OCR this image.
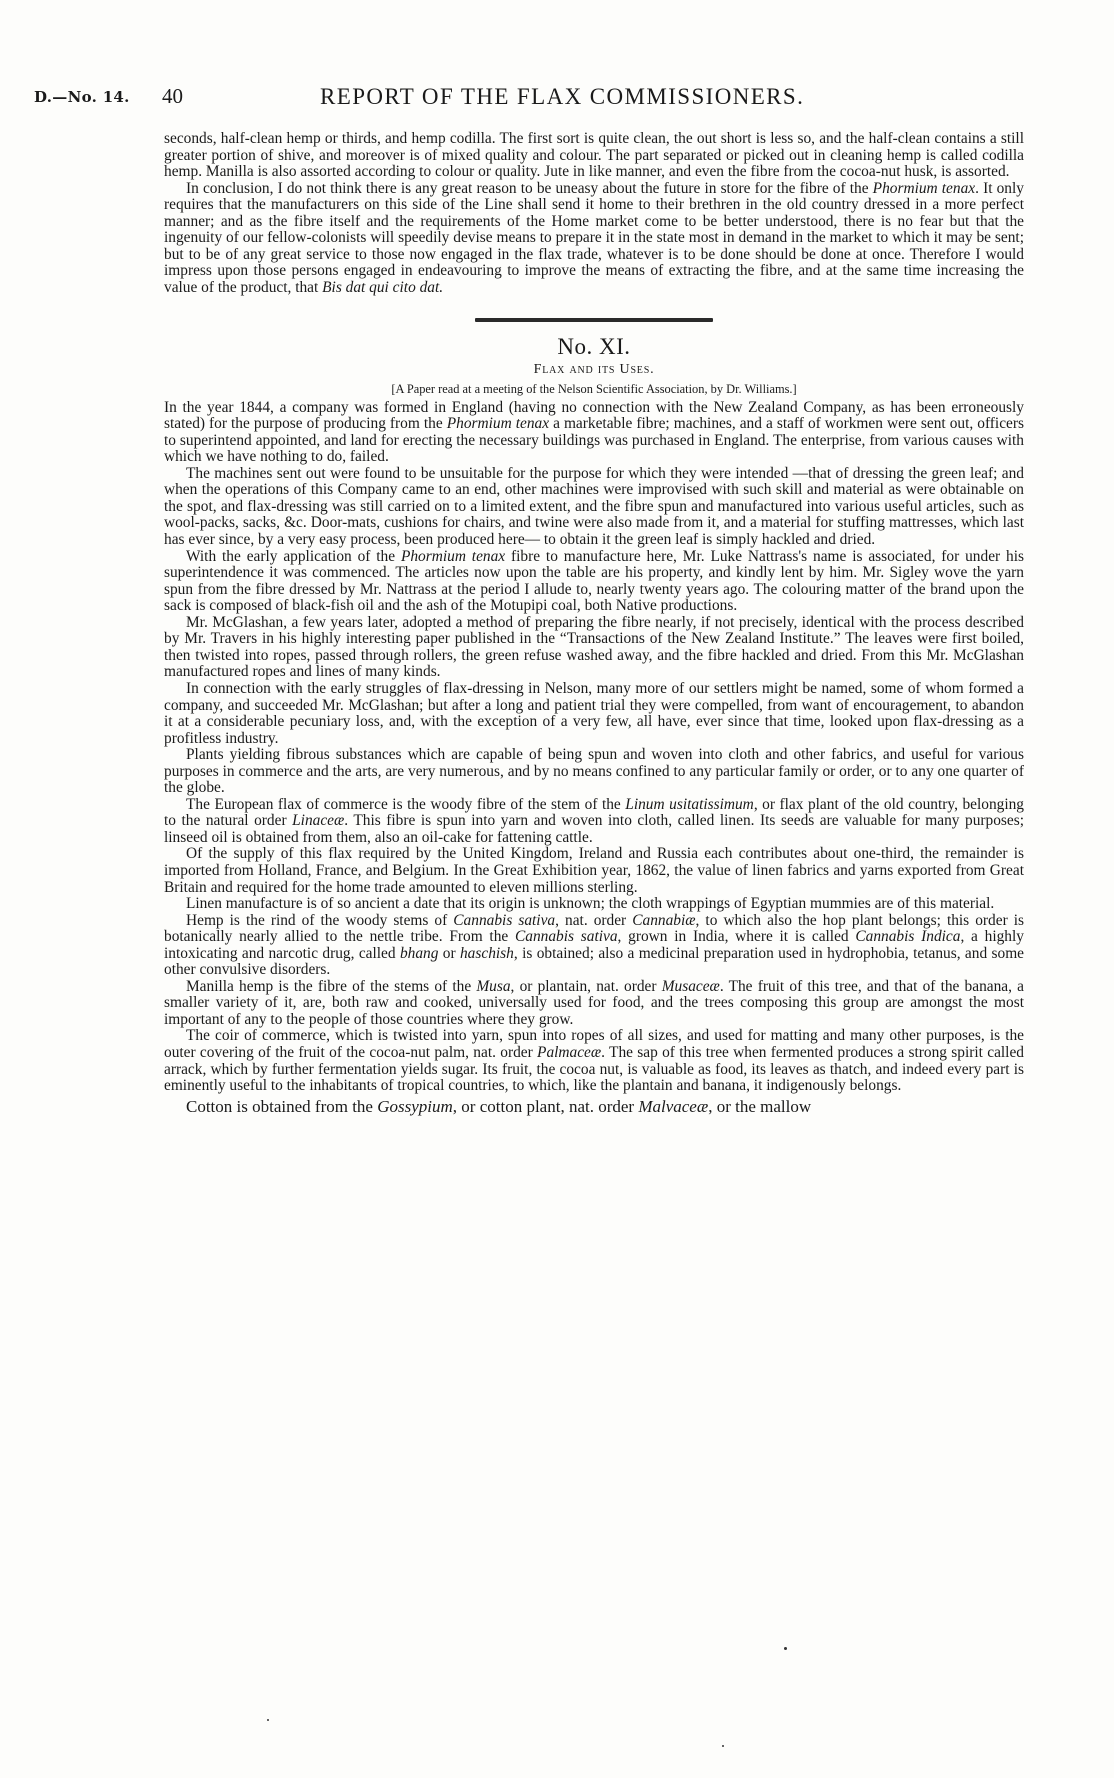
D.—No. 14. 40	REPORT OF THE FLAX COMMISSIONERS.

seconds, half-clean hemp or thirds, and hemp codilla. The first sort is quite clean, the out short is less so, and the half-clean contains a still greater portion of shive, and moreover is of mixed quality and colour. The part separated or picked out in cleaning hemp is called codilla hemp. Manilla is also assorted according to colour or quality. Jute in like manner, and even the fibre from the cocoa-nut husk, is assorted.

In conclusion, I do not think there is any great reason to be uneasy about the future in store for the fibre of the Phormium tenax. It only requires that the manufacturers on this side of the Line shall send it home to their brethren in the old country dressed in a more perfect manner; and as the fibre itself and the requirements of the Home market come to be better understood, there is no fear but that the ingenuity of our fellow-colonists will speedily devise means to prepare it in the state most in demand in the market to which it may be sent; but to be of any great service to those now engaged in the flax trade, whatever is to be done should be done at once. Therefore I would impress upon those persons engaged in endeavouring to improve the means of extracting the fibre, and at the same time increasing the value of the product, that Bis dat qui cito dat.

No. XI.
Flax and its Uses.
[A Paper read at a meeting of the Nelson Scientific Association, by Dr. Williams.]

In the year 1844, a company was formed in England (having no connection with the New Zealand Company, as has been erroneously stated) for the purpose of producing from the Phormium tenax a marketable fibre; machines, and a staff of workmen were sent out, officers to superintend appointed, and land for erecting the necessary buildings was purchased in England. The enterprise, from various causes with which we have nothing to do, failed.

The machines sent out were found to be unsuitable for the purpose for which they were intended —that of dressing the green leaf; and when the operations of this Company came to an end, other machines were improvised with such skill and material as were obtainable on the spot, and flax-dressing was still carried on to a limited extent, and the fibre spun and manufactured into various useful articles, such as wool-packs, sacks, &c. Door-mats, cushions for chairs, and twine were also made from it, and a material for stuffing mattresses, which last has ever since, by a very easy process, been produced here— to obtain it the green leaf is simply hackled and dried.

With the early application of the Phormium tenax fibre to manufacture here, Mr. Luke Nattrass's name is associated, for under his superintendence it was commenced. The articles now upon the table are his property, and kindly lent by him. Mr. Sigley wove the yarn spun from the fibre dressed by Mr. Nattrass at the period I allude to, nearly twenty years ago. The colouring matter of the brand upon the sack is composed of black-fish oil and the ash of the Motupipi coal, both Native productions.

Mr. McGlashan, a few years later, adopted a method of preparing the fibre nearly, if not precisely, identical with the process described by Mr. Travers in his highly interesting paper published in the “Transactions of the New Zealand Institute.” The leaves were first boiled, then twisted into ropes, passed through rollers, the green refuse washed away, and the fibre hackled and dried. From this Mr. McGlashan manufactured ropes and lines of many kinds.

In connection with the early struggles of flax-dressing in Nelson, many more of our settlers might be named, some of whom formed a company, and succeeded Mr. McGlashan; but after a long and patient trial they were compelled, from want of encouragement, to abandon it at a considerable pecuniary loss, and, with the exception of a very few, all have, ever since that time, looked upon flax-dressing as a profitless industry.

Plants yielding fibrous substances which are capable of being spun and woven into cloth and other fabrics, and useful for various purposes in commerce and the arts, are very numerous, and by no means confined to any particular family or order, or to any one quarter of the globe.

The European flax of commerce is the woody fibre of the stem of the Linum usitatissimum, or flax plant of the old country, belonging to the natural order Linaceæ. This fibre is spun into yarn and woven into cloth, called linen. Its seeds are valuable for many purposes; linseed oil is obtained from them, also an oil-cake for fattening cattle.

Of the supply of this flax required by the United Kingdom, Ireland and Russia each contributes about one-third, the remainder is imported from Holland, France, and Belgium. In the Great Exhibition year, 1862, the value of linen fabrics and yarns exported from Great Britain and required for the home trade amounted to eleven millions sterling.

Linen manufacture is of so ancient a date that its origin is unknown; the cloth wrappings of Egyptian mummies are of this material.

Hemp is the rind of the woody stems of Cannabis sativa, nat. order Cannabiæ, to which also the hop plant belongs; this order is botanically nearly allied to the nettle tribe. From the Cannabis sativa, grown in India, where it is called Cannabis Indica, a highly intoxicating and narcotic drug, called bhang or haschish, is obtained; also a medicinal preparation used in hydrophobia, tetanus, and some other convulsive disorders.

Manilla hemp is the fibre of the stems of the Musa, or plantain, nat. order Musaceæ. The fruit of this tree, and that of the banana, a smaller variety of it, are, both raw and cooked, universally used for food, and the trees composing this group are amongst the most important of any to the people of those countries where they grow.

The coir of commerce, which is twisted into yarn, spun into ropes of all sizes, and used for matting and many other purposes, is the outer covering of the fruit of the cocoa-nut palm, nat. order Palmaceæ. The sap of this tree when fermented produces a strong spirit called arrack, which by further fermentation yields sugar. Its fruit, the cocoa nut, is valuable as food, its leaves as thatch, and indeed every part is eminently useful to the inhabitants of tropical countries, to which, like the plantain and banana, it indigenously belongs.

Cotton is obtained from the Gossypium, or cotton plant, nat. order Malvaceæ, or the mallow
